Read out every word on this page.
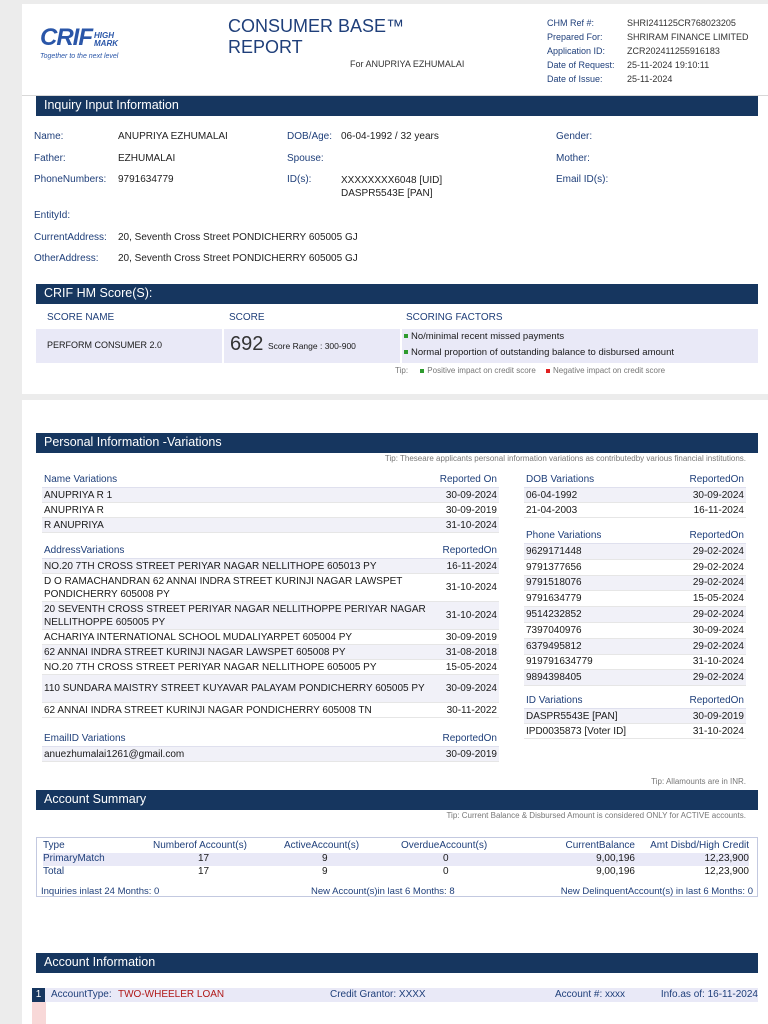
CRIF HIGH
MARK
Together to the next level
CONSUMER BASE™
REPORT
For ANUPRIYA EZHUMALAI
CHM Ref #:	SHRI241125CR768023205
Prepared For:	SHRIRAM FINANCE LIMITED
Application ID:	ZCR202411255916183
Date of Request:	25-11-2024 19:10:11
Date of Issue:	25-11-2024
Inquiry Input Information
Name:	ANUPRIYA EZHUMALAI	DOB/Age: 06-04-1992 / 32 years	Gender:
Father:	EZHUMALAI	Spouse:	Mother:
PhoneNumbers: 9791634779	ID(s):	XXXXXXXX6048 [UID]
DASPR5543E [PAN]
Email ID(s):
EntityId:
CurrentAddress: 20, Seventh Cross Street PONDICHERRY 605005 GJ
OtherAddress: 20, Seventh Cross Street PONDICHERRY 605005 GJ
CRIF HM Score(S):
SCORE NAME	SCORE	SCORING FACTORS
PERFORM CONSUMER 2.0	692 Score Range : 300-900
No/minimal recent missed payments
Normal proportion of outstanding balance to disbursed amount
Tip: Positive impact on credit score Negative impact on credit score
Personal Information -Variations
Tip: Theseare applicants personal information variations as contributedby various financial institutions.
Name Variations	Reported On
ANUPRIYA R 1	30-09-2024
ANUPRIYA R	30-09-2019
R ANUPRIYA	31-10-2024
AddressVariations	ReportedOn
NO.20 7TH CROSS STREET PERIYAR NAGAR NELLITHOPE 605013 PY	16-11-2024
D O RAMACHANDRAN 62 ANNAI INDRA STREET KURINJI NAGAR LAWSPET PONDICHERRY 605008 PY
31-10-2024
20 SEVENTH CROSS STREET PERIYAR NAGAR NELLITHOPPE PERIYAR NAGAR NELLITHOPPE 605005 PY
31-10-2024
ACHARIYA INTERNATIONAL SCHOOL MUDALIYARPET 605004 PY	30-09-2019
62 ANNAI INDRA STREET KURINJI NAGAR LAWSPET 605008 PY	31-08-2018
NO.20 7TH CROSS STREET PERIYAR NAGAR NELLITHOPE 605005 PY	15-05-2024
110 SUNDARA MAISTRY STREET KUYAVAR PALAYAM PONDICHERRY 605005 PY	30-09-2024
62 ANNAI INDRA STREET KURINJI NAGAR PONDICHERRY 605008 TN	30-11-2022
EmailID Variations	ReportedOn
anuezhumalai1261@gmail.com	30-09-2019
DOB Variations	ReportedOn
06-04-1992	30-09-2024
21-04-2003	16-11-2024
Phone Variations	ReportedOn
9629171448	29-02-2024
9791377656	29-02-2024
9791518076	29-02-2024
9791634779	15-05-2024
9514232852	29-02-2024
7397040976	30-09-2024
6379495812	29-02-2024
919791634779	31-10-2024
9894398405	29-02-2024
ID Variations	ReportedOn
DASPR5543E [PAN]	30-09-2019
IPD0035873 [Voter ID]	31-10-2024
Tip: Allamounts are in INR.
Account Summary
Tip: Current Balance & Disbursed Amount is considered ONLY for ACTIVE accounts.
Type	Numberof Account(s)	ActiveAccount(s)	OverdueAccount(s)	CurrentBalance Amt Disbd/High Credit
PrimaryMatch	17	9	0	9,00,196	12,23,900
Total	17	9	0	9,00,196	12,23,900
Inquiries inlast 24 Months: 0	New Account(s)in last 6 Months: 8	New DelinquentAccount(s) in last 6 Months: 0
Account Information
1 AccountType: TWO-WHEELER LOAN	Credit Grantor: XXXX	Account #: xxxx	Info.as of: 16-11-2024
